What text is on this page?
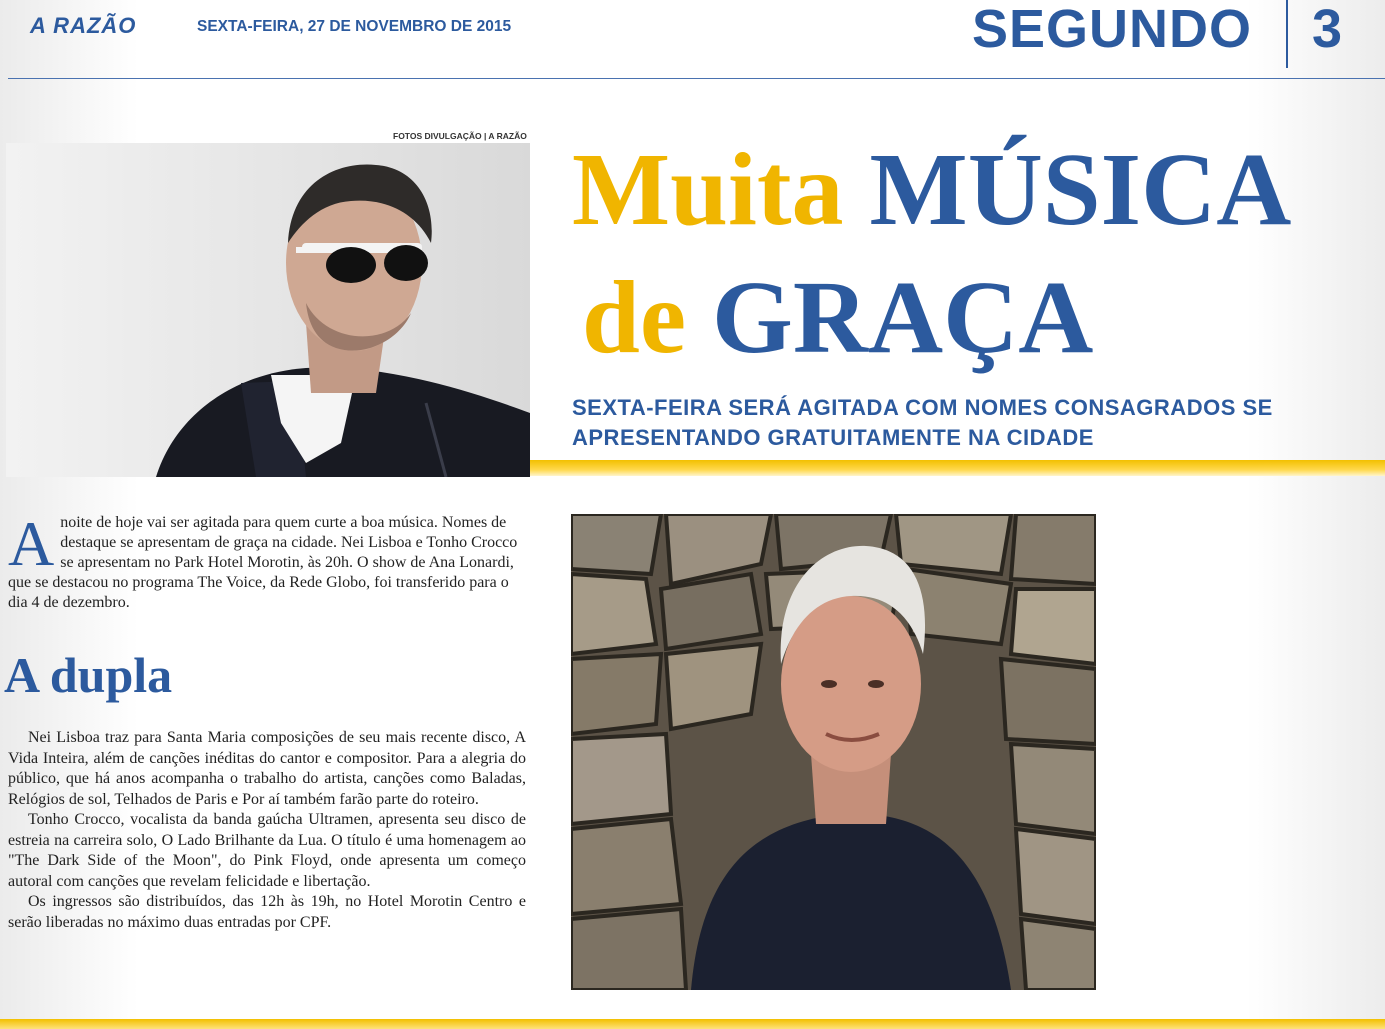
A RAZÃO	SEXTA-FEIRA, 27 DE NOVEMBRO DE 2015	SEGUNDO 3
FOTOS DIVULGAÇÃO | A RAZÃO Muita MÚSICA
de GRAÇA
SEXTA-FEIRA SERÁ AGITADA COM NOMES CONSAGRADOS SE APRESENTANDO GRATUITAMENTE NA CIDADE
A noite de hoje vai ser agitada para quem curte a boa música. Nomes de destaque se apresentam de graça na cidade. Nei Lisboa e Tonho Crocco se apresentam no Park Hotel Morotin, às 20h. O show de Ana Lonardi, que se destacou no programa The Voice, da Rede Globo, foi transferido para o dia 4 de dezembro.
A dupla

Nei Lisboa traz para Santa Maria composições de seu mais recente disco, A Vida Inteira, além de canções inéditas do cantor e compositor. Para a alegria do público, que há anos acompanha o trabalho do artista, canções como Baladas, Relógios de sol, Telhados de Paris e Por aí também farão parte do roteiro.

Tonho Crocco, vocalista da banda gaúcha Ultramen, apresenta seu disco de estreia na carreira solo, O Lado Brilhante da Lua. O título é uma homenagem ao "The Dark Side of the Moon", do Pink Floyd, onde apresenta um começo autoral com canções que revelam felicidade e libertação.

Os ingressos são distribuídos, das 12h às 19h, no Hotel Morotin Centro e serão liberadas no máximo duas entradas por CPF.
